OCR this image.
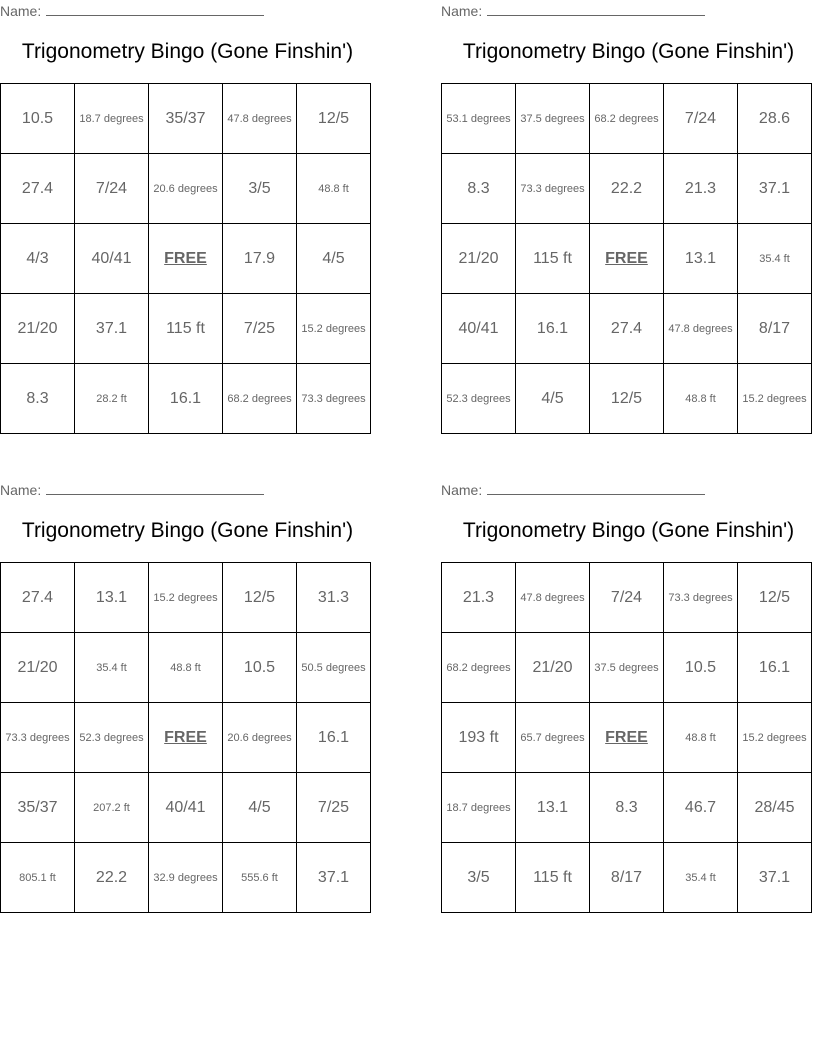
Name:
Trigonometry Bingo (Gone Finshin')
10.5	18.7 degrees	35/37	47.8 degrees	12/5
27.4	7/24	20.6 degrees	3/5	48.8 ft
4/3	40/41	FREE	17.9	4/5
21/20	37.1	115 ft	7/25	15.2 degrees
8.3	28.2 ft	16.1	68.2 degrees	73.3 degrees
Name:
Trigonometry Bingo (Gone Finshin')
53.1 degrees	37.5 degrees	68.2 degrees	7/24	28.6
8.3	73.3 degrees	22.2	21.3	37.1
21/20	115 ft	FREE	13.1	35.4 ft
40/41	16.1	27.4	47.8 degrees	8/17
52.3 degrees	4/5	12/5	48.8 ft	15.2 degrees
Name:
Trigonometry Bingo (Gone Finshin')
27.4	13.1	15.2 degrees	12/5	31.3
21/20	35.4 ft	48.8 ft	10.5	50.5 degrees
73.3 degrees	52.3 degrees	FREE	20.6 degrees	16.1
35/37	207.2 ft	40/41	4/5	7/25
805.1 ft	22.2	32.9 degrees	555.6 ft	37.1
Name:
Trigonometry Bingo (Gone Finshin')
21.3	47.8 degrees	7/24	73.3 degrees	12/5
68.2 degrees	21/20	37.5 degrees	10.5	16.1
193 ft	65.7 degrees	FREE	48.8 ft	15.2 degrees
18.7 degrees	13.1	8.3	46.7	28/45
3/5	115 ft	8/17	35.4 ft	37.1
